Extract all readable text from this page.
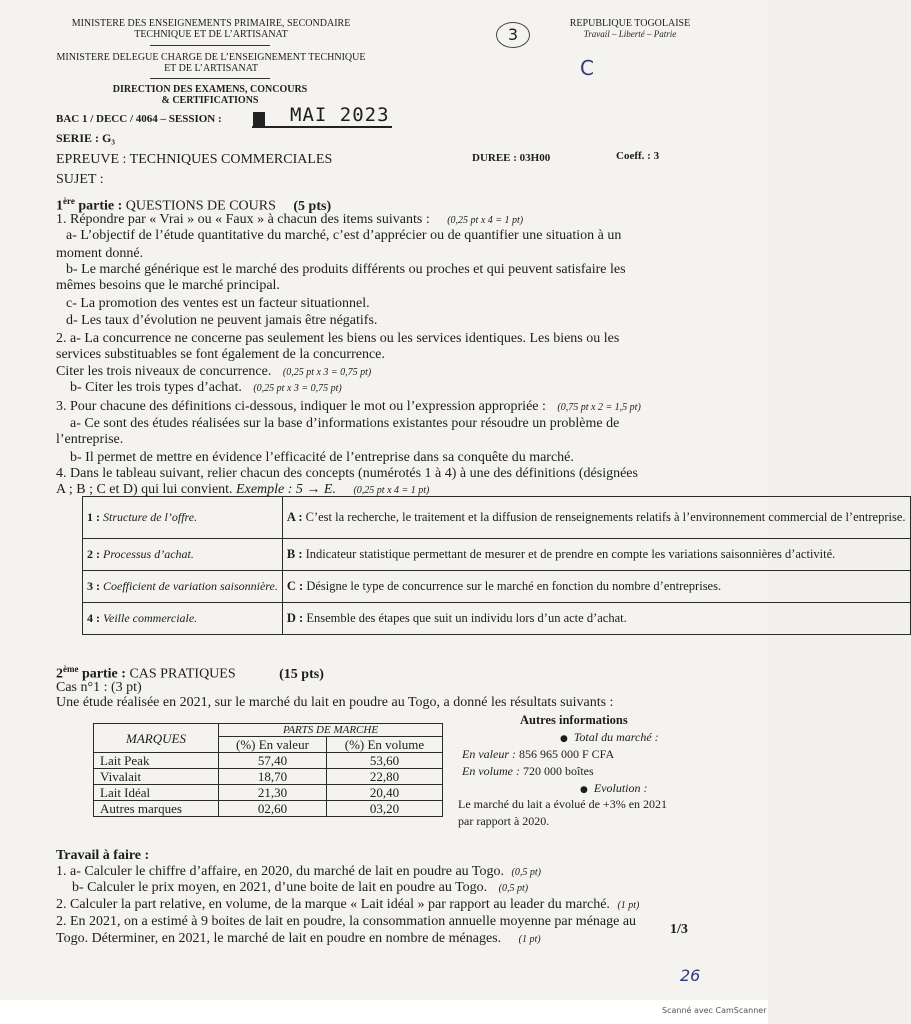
MINISTERE DES ENSEIGNEMENTS PRIMAIRE, SECONDAIRE
TECHNIQUE ET DE L’ARTISANAT
MINISTERE DELEGUE CHARGE DE L’ENSEIGNEMENT TECHNIQUE
ET DE L’ARTISANAT
DIRECTION DES EXAMENS, CONCOURS
& CERTIFICATIONS
3
REPUBLIQUE TOGOLAISE
Travail – Liberté – Patrie
C
BAC 1 / DECC / 4064 – SESSION :	MAI 2023
SERIE : G₃
EPREUVE : TECHNIQUES COMMERCIALES	DUREE : 03H00	Coeff. : 3
SUJET :
1ère partie : QUESTIONS DE COURS (5 pts)
1. Répondre par « Vrai » ou « Faux » à chacun des items suivants : (0,25 pt x 4 = 1 pt)
a- L’objectif de l’étude quantitative du marché, c’est d’apprécier ou de quantifier une situation à un
moment donné.
b- Le marché générique est le marché des produits différents ou proches et qui peuvent satisfaire les
mêmes besoins que le marché principal.
c- La promotion des ventes est un facteur situationnel.
d- Les taux d’évolution ne peuvent jamais être négatifs.
2. a- La concurrence ne concerne pas seulement les biens ou les services identiques. Les biens ou les
services substituables se font également de la concurrence.
Citer les trois niveaux de concurrence. (0,25 pt x 3 = 0,75 pt)
b- Citer les trois types d’achat. (0,25 pt x 3 = 0,75 pt)
3. Pour chacune des définitions ci-dessous, indiquer le mot ou l’expression appropriée : (0,75 pt x 2 = 1,5 pt)
a- Ce sont des études réalisées sur la base d’informations existantes pour résoudre un problème de
l’entreprise.
b- Il permet de mettre en évidence l’efficacité de l’entreprise dans sa conquête du marché.
4. Dans le tableau suivant, relier chacun des concepts (numérotés 1 à 4) à une des définitions (désignées
A ; B ; C et D) qui lui convient. Exemple : 5 → E. (0,25 pt x 4 = 1 pt)
1 : Structure de l’offre.	A : C’est la recherche, le traitement et la diffusion de renseignements relatifs à l’environnement commercial de l’entreprise.
2 : Processus d’achat.	B : Indicateur statistique permettant de mesurer et de prendre en compte les variations saisonnières d’activité.
3 : Coefficient de variation saisonnière.	C : Désigne le type de concurrence sur le marché en fonction du nombre d’entreprises.
4 : Veille commerciale.	D : Ensemble des étapes que suit un individu lors d’un acte d’achat.
2ème partie : CAS PRATIQUES	(15 pts)
Cas n°1 : (3 pt)
Une étude réalisée en 2021, sur le marché du lait en poudre au Togo, a donné les résultats suivants :
MARQUES	PARTS DE MARCHE	
	(%) En valeur	(%) En volume
Lait Peak	57,40	53,60
Vivalait	18,70	22,80
Lait Idéal	21,30	20,40
Autres marques	02,60	03,20
Autres informations
● Total du marché :
En valeur : 856 965 000 F CFA
En volume : 720 000 boîtes
● Evolution :
Le marché du lait a évolué de +3% en 2021
par rapport à 2020.
Travail à faire :
1. a- Calculer le chiffre d’affaire, en 2020, du marché de lait en poudre au Togo. (0,5 pt)
b- Calculer le prix moyen, en 2021, d’une boite de lait en poudre au Togo. (0,5 pt)
2. Calculer la part relative, en volume, de la marque « Lait idéal » par rapport au leader du marché. (1 pt)
2. En 2021, on a estimé à 9 boites de lait en poudre, la consommation annuelle moyenne par ménage au
Togo. Déterminer, en 2021, le marché de lait en poudre en nombre de ménages. (1 pt)
1/3
26
Scanné avec CamScanner
